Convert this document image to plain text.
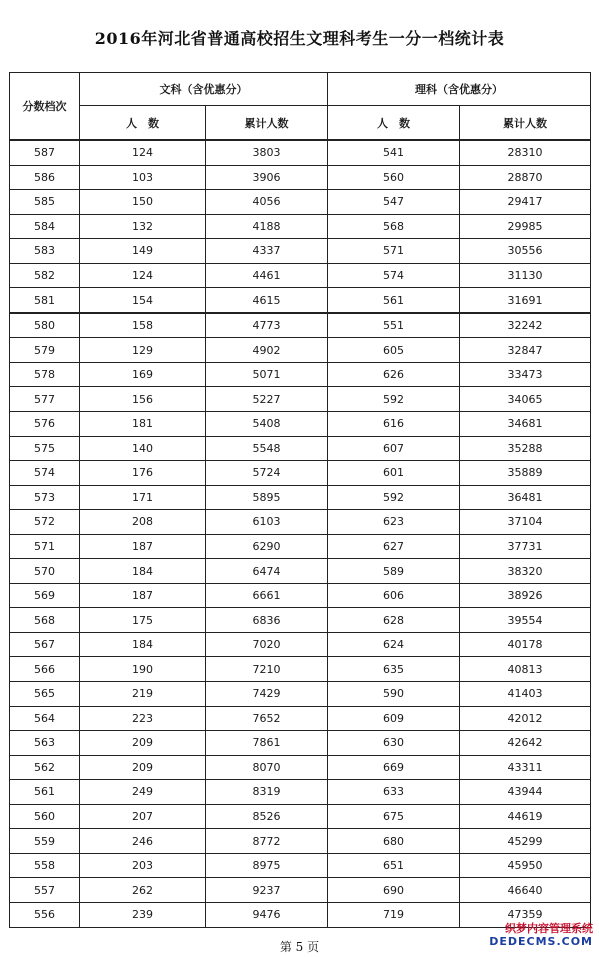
2016年河北省普通高校招生文理科考生一分一档统计表
分数档次	文科（含优惠分）		理科（含优惠分）	
	人　数	累计人数	人　数	累计人数
587	124	3803	541	28310
586	103	3906	560	28870
585	150	4056	547	29417
584	132	4188	568	29985
583	149	4337	571	30556
582	124	4461	574	31130
581	154	4615	561	31691
580	158	4773	551	32242
579	129	4902	605	32847
578	169	5071	626	33473
577	156	5227	592	34065
576	181	5408	616	34681
575	140	5548	607	35288
574	176	5724	601	35889
573	171	5895	592	36481
572	208	6103	623	37104
571	187	6290	627	37731
570	184	6474	589	38320
569	187	6661	606	38926
568	175	6836	628	39554
567	184	7020	624	40178
566	190	7210	635	40813
565	219	7429	590	41403
564	223	7652	609	42012
563	209	7861	630	42642
562	209	8070	669	43311
561	249	8319	633	43944
560	207	8526	675	44619
559	246	8772	680	45299
558	203	8975	651	45950
557	262	9237	690	46640
556	239	9476	719	47359
第 5 页
织梦内容管理系统
DEDECMS.COM
